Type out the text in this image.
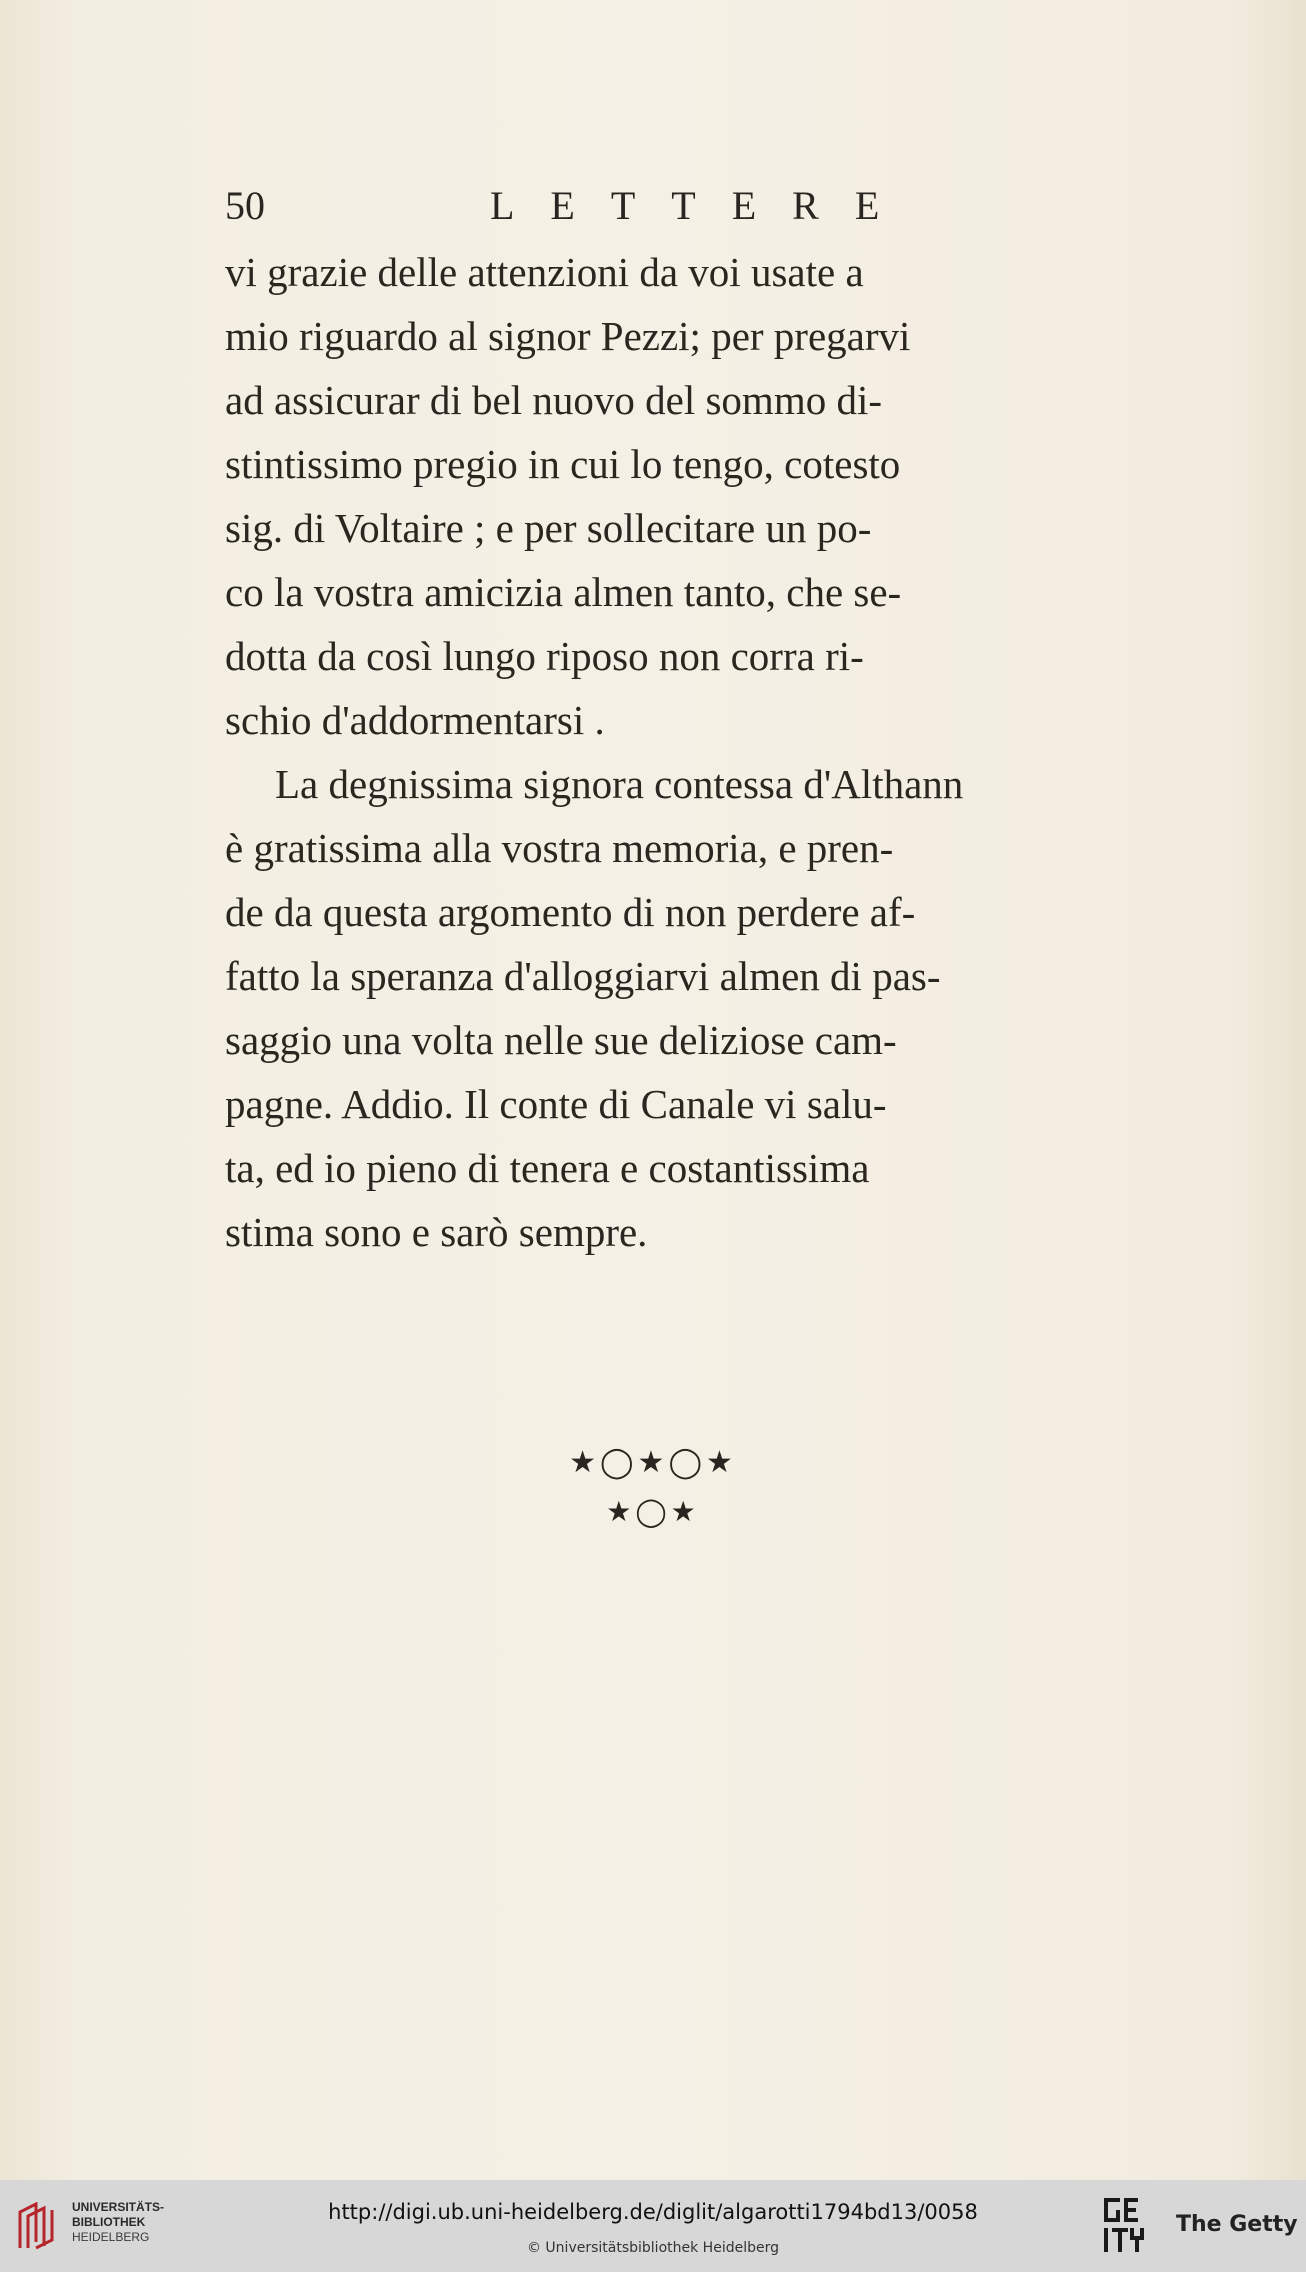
50	LETTERE
vi grazie delle attenzioni da voi usate a
mio riguardo al signor Pezzi; per pregarvi
ad assicurar di bel nuovo del sommo di-
stintissimo pregio in cui lo tengo, cotesto
sig. di Voltaire ; e per sollecitare un po-
co la vostra amicizia almen tanto, che se-
dotta da così lungo riposo non corra ri-
schio d'addormentarsi .
La degnissima signora contessa d'Althann
è gratissima alla vostra memoria, e pren-
de da questa argomento di non perdere af-
fatto la speranza d'alloggiarvi almen di pas-
saggio una volta nelle sue deliziose cam-
pagne. Addio. Il conte di Canale vi salu-
ta, ed io pieno di tenera e costantissima
stima sono e sarò sempre.
★◯★◯★
★◯★
UNIVERSITÄTS-
BIBLIOTHEK
HEIDELBERG
http://digi.ub.uni-heidelberg.de/diglit/algarotti1794bd13/0058
© Universitätsbibliothek Heidelberg
The Getty
